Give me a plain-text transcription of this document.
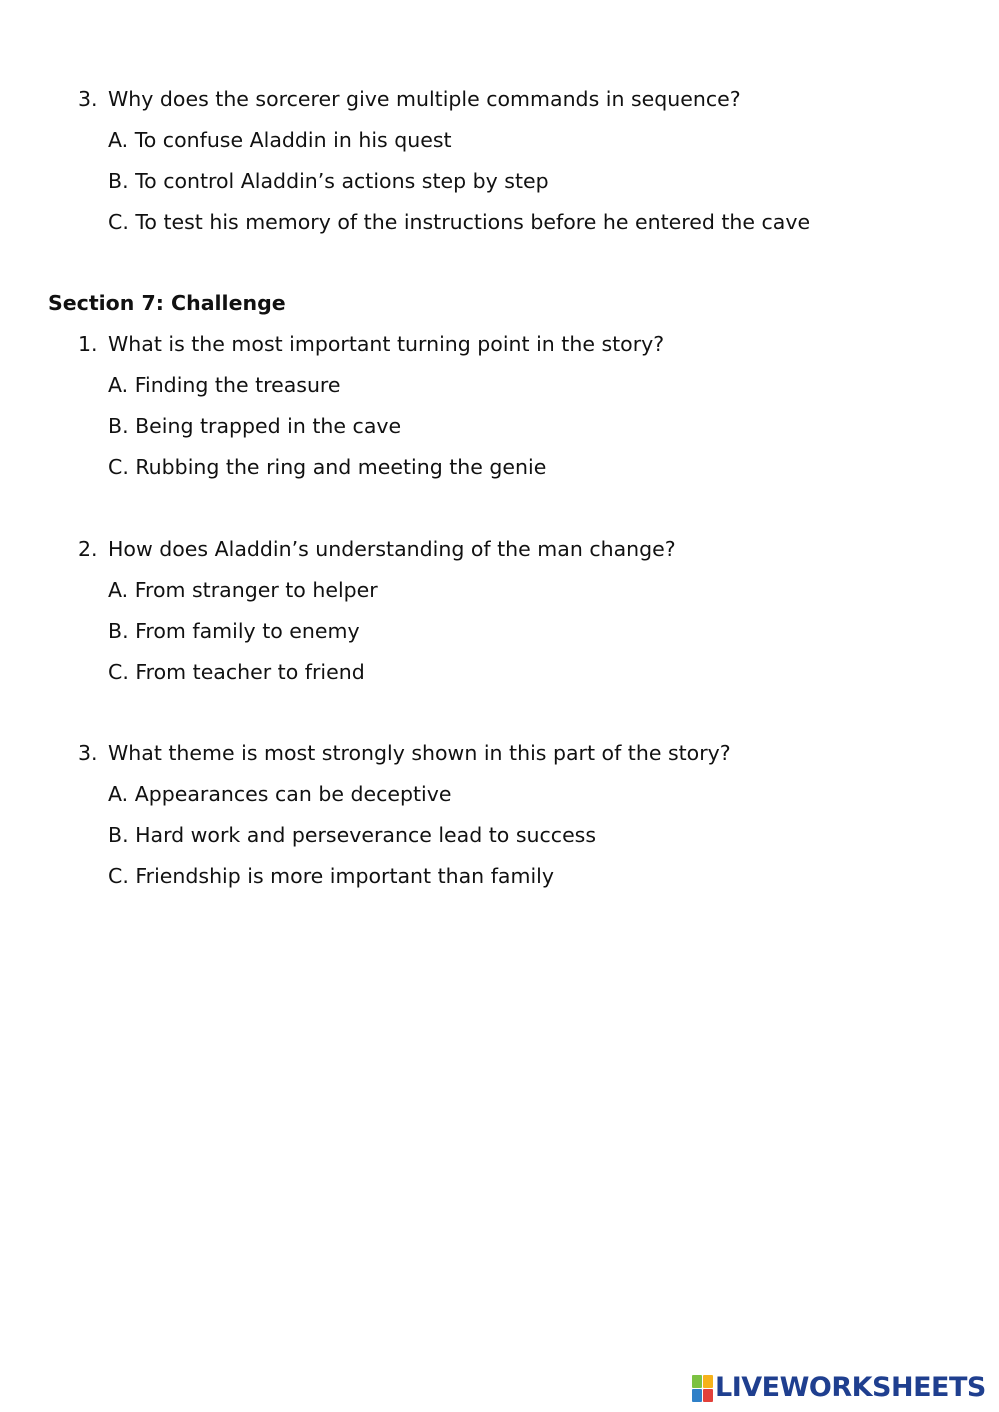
3. Why does the sorcerer give multiple commands in sequence?
A. To confuse Aladdin in his quest
B. To control Aladdin’s actions step by step
C. To test his memory of the instructions before he entered the cave
Section 7: Challenge
1. What is the most important turning point in the story?
A. Finding the treasure
B. Being trapped in the cave
C. Rubbing the ring and meeting the genie
2. How does Aladdin’s understanding of the man change?
A. From stranger to helper
B. From family to enemy
C. From teacher to friend
3. What theme is most strongly shown in this part of the story?
A. Appearances can be deceptive
B. Hard work and perseverance lead to success
C. Friendship is more important than family
LIVEWORKSHEETS
